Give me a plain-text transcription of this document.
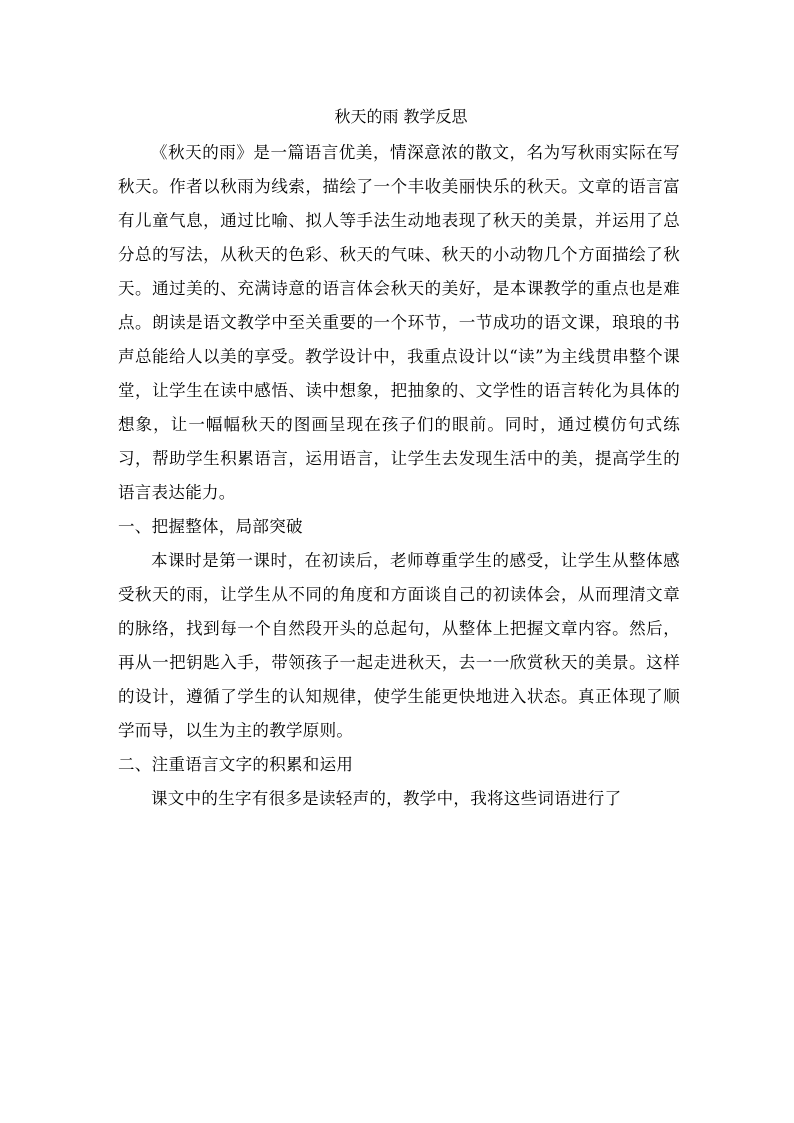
秋天的雨 教学反思

《秋天的雨》是一篇语言优美，情深意浓的散文，名为写秋雨实际在写秋天。作者以秋雨为线索，描绘了一个丰收美丽快乐的秋天。文章的语言富有儿童气息，通过比喻、拟人等手法生动地表现了秋天的美景，并运用了总分总的写法，从秋天的色彩、秋天的气味、秋天的小动物几个方面描绘了秋天。通过美的、充满诗意的语言体会秋天的美好，是本课教学的重点也是难点。朗读是语文教学中至关重要的一个环节，一节成功的语文课，琅琅的书声总能给人以美的享受。教学设计中，我重点设计以“读”为主线贯串整个课堂，让学生在读中感悟、读中想象，把抽象的、文学性的语言转化为具体的想象，让一幅幅秋天的图画呈现在孩子们的眼前。同时，通过模仿句式练习，帮助学生积累语言，运用语言，让学生去发现生活中的美，提高学生的语言表达能力。

一、把握整体，局部突破

本课时是第一课时，在初读后，老师尊重学生的感受，让学生从整体感受秋天的雨，让学生从不同的角度和方面谈自己的初读体会，从而理清文章的脉络，找到每一个自然段开头的总起句，从整体上把握文章内容。然后，再从一把钥匙入手，带领孩子一起走进秋天，去一一欣赏秋天的美景。这样的设计，遵循了学生的认知规律，使学生能更快地进入状态。真正体现了顺学而导，以生为主的教学原则。

二、注重语言文字的积累和运用

课文中的生字有很多是读轻声的，教学中，我将这些词语进行了
